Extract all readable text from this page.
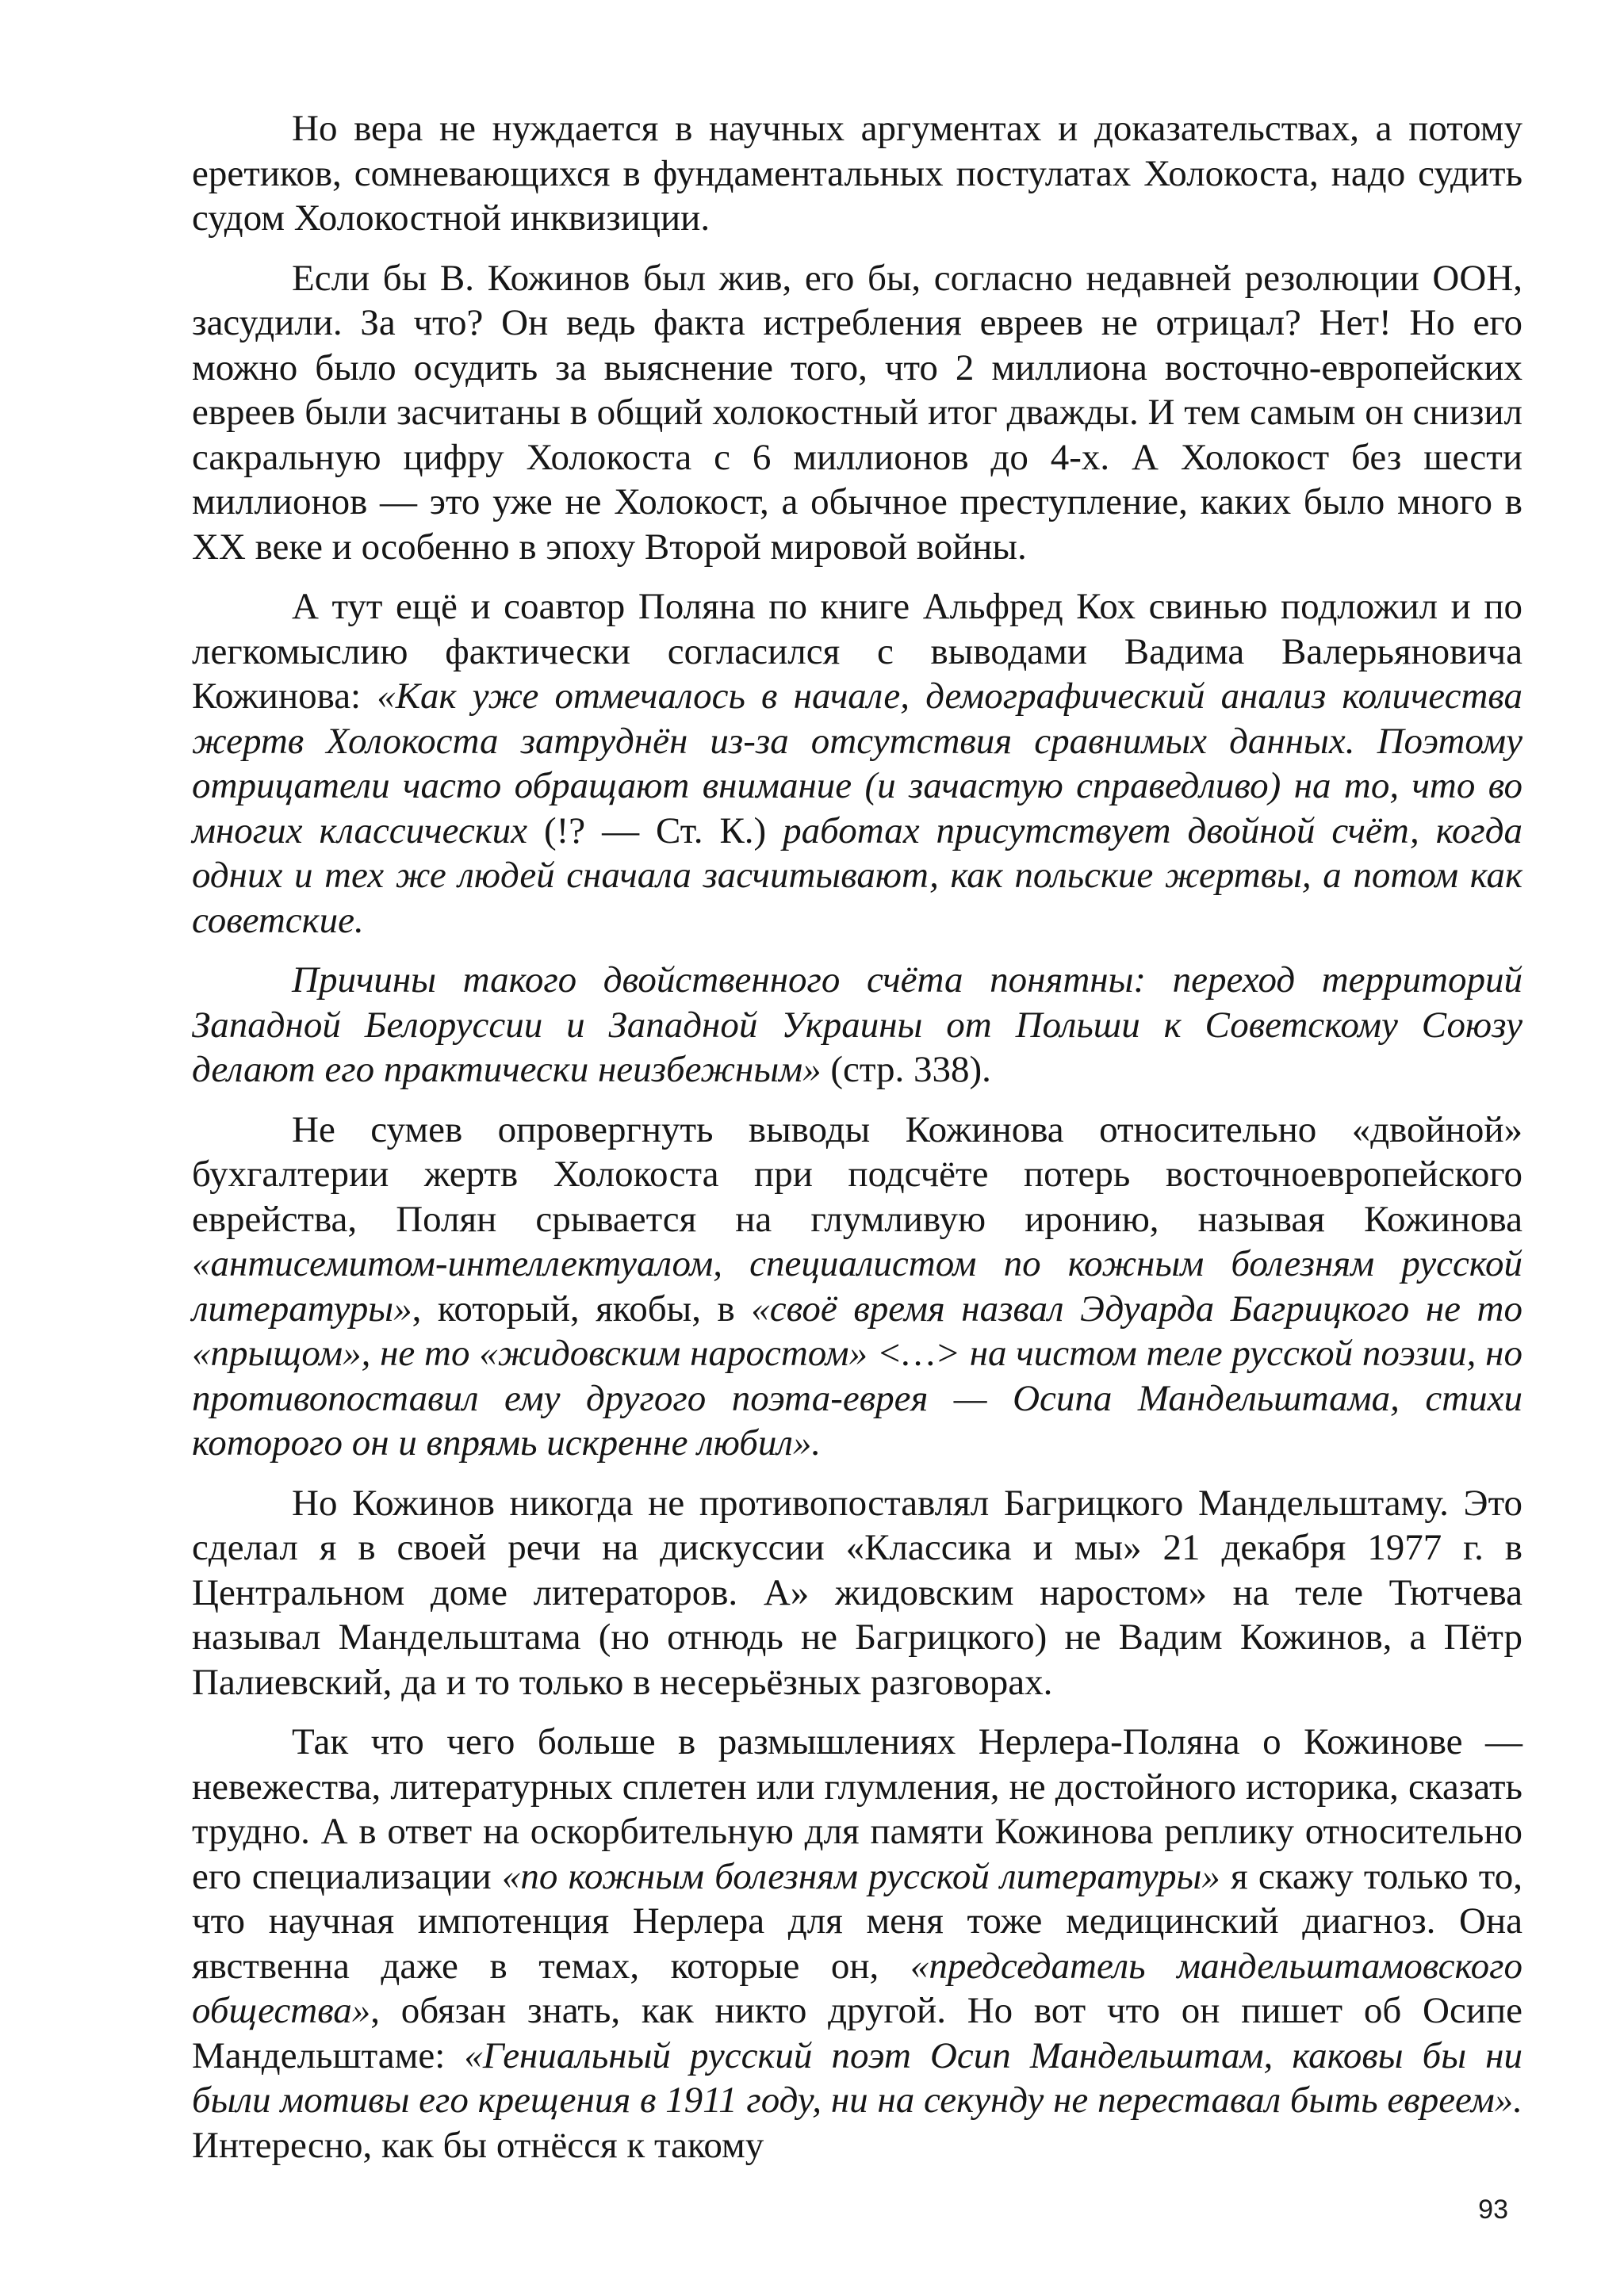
Но вера не нуждается в научных аргументах и доказательствах, а потому еретиков, сомневающихся в фундаментальных постулатах Холокоста, надо судить судом Холокостной инквизиции.

Если бы В. Кожинов был жив, его бы, согласно недавней резолюции ООН, засудили. За что? Он ведь факта истребления евреев не отрицал? Нет! Но его можно было осудить за выяснение того, что 2 миллиона восточно-европейских евреев были засчитаны в общий холокостный итог дважды. И тем самым он снизил сакральную цифру Холокоста с 6 миллионов до 4-х. А Холокост без шести миллионов — это уже не Холокост, а обычное преступление, каких было много в XX веке и особенно в эпоху Второй мировой войны.

А тут ещё и соавтор Поляна по книге Альфред Кох свинью подложил и по легкомыслию фактически согласился с выводами Вадима Валерьяновича Кожинова: «Как уже отмечалось в начале, демографический анализ количества жертв Холокоста затруднён из-за отсутствия сравнимых данных. Поэтому отрицатели часто обращают внимание (и зачастую справедливо) на то, что во многих классических (!? — Ст. К.) работах присутствует двойной счёт, когда одних и тех же людей сначала засчитывают, как польские жертвы, а потом как советские.

Причины такого двойственного счёта понятны: переход территорий Западной Белоруссии и Западной Украины от Польши к Советскому Союзу делают его практически неизбежным» (стр. 338).

Не сумев опровергнуть выводы Кожинова относительно «двойной» бухгалтерии жертв Холокоста при подсчёте потерь восточноевропейского еврейства, Полян срывается на глумливую иронию, называя Кожинова «антисемитом-интеллектуалом, специалистом по кожным болезням русской литературы», который, якобы, в «своё время назвал Эдуарда Багрицкого не то «прыщом», не то «жидовским наростом» <…> на чистом теле русской поэзии, но противопоставил ему другого поэта-еврея — Осипа Мандельштама, стихи которого он и впрямь искренне любил».

Но Кожинов никогда не противопоставлял Багрицкого Мандельштаму. Это сделал я в своей речи на дискуссии «Классика и мы» 21 декабря 1977 г. в Центральном доме литераторов. А» жидовским наростом» на теле Тютчева называл Мандельштама (но отнюдь не Багрицкого) не Вадим Кожинов, а Пётр Палиевский, да и то только в несерьёзных разговорах.

Так что чего больше в размышлениях Нерлера-Поляна о Кожинове — невежества, литературных сплетен или глумления, не достойного историка, сказать трудно. А в ответ на оскорбительную для памяти Кожинова реплику относительно его специализации «по кожным болезням русской литературы» я скажу только то, что научная импотенция Нерлера для меня тоже медицинский диагноз. Она явственна даже в темах, которые он, «председатель мандельштамовского общества», обязан знать, как никто другой. Но вот что он пишет об Осипе Мандельштаме: «Гениальный русский поэт Осип Мандельштам, каковы бы ни были мотивы его крещения в 1911 году, ни на секунду не переставал быть евреем». Интересно, как бы отнёсся к такому

93
